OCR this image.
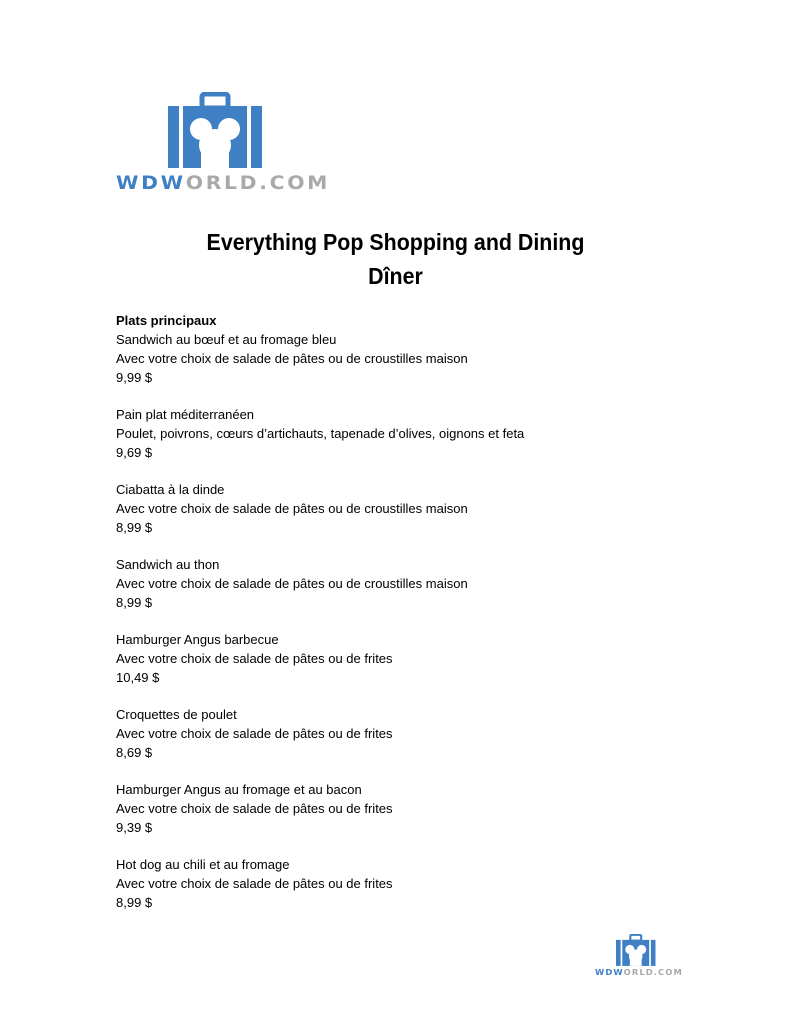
WDWORLD.COM
Everything Pop Shopping and Dining
Dîner
Plats principaux
Sandwich au bœuf et au fromage bleu
Avec votre choix de salade de pâtes ou de croustilles maison
9,99 $
Pain plat méditerranéen
Poulet, poivrons, cœurs d’artichauts, tapenade d’olives, oignons et feta
9,69 $
Ciabatta à la dinde
Avec votre choix de salade de pâtes ou de croustilles maison
8,99 $
Sandwich au thon
Avec votre choix de salade de pâtes ou de croustilles maison
8,99 $
Hamburger Angus barbecue
Avec votre choix de salade de pâtes ou de frites
10,49 $
Croquettes de poulet
Avec votre choix de salade de pâtes ou de frites
8,69 $
Hamburger Angus au fromage et au bacon
Avec votre choix de salade de pâtes ou de frites
9,39 $
Hot dog au chili et au fromage
Avec votre choix de salade de pâtes ou de frites
8,99 $
WDWORLD.COM
